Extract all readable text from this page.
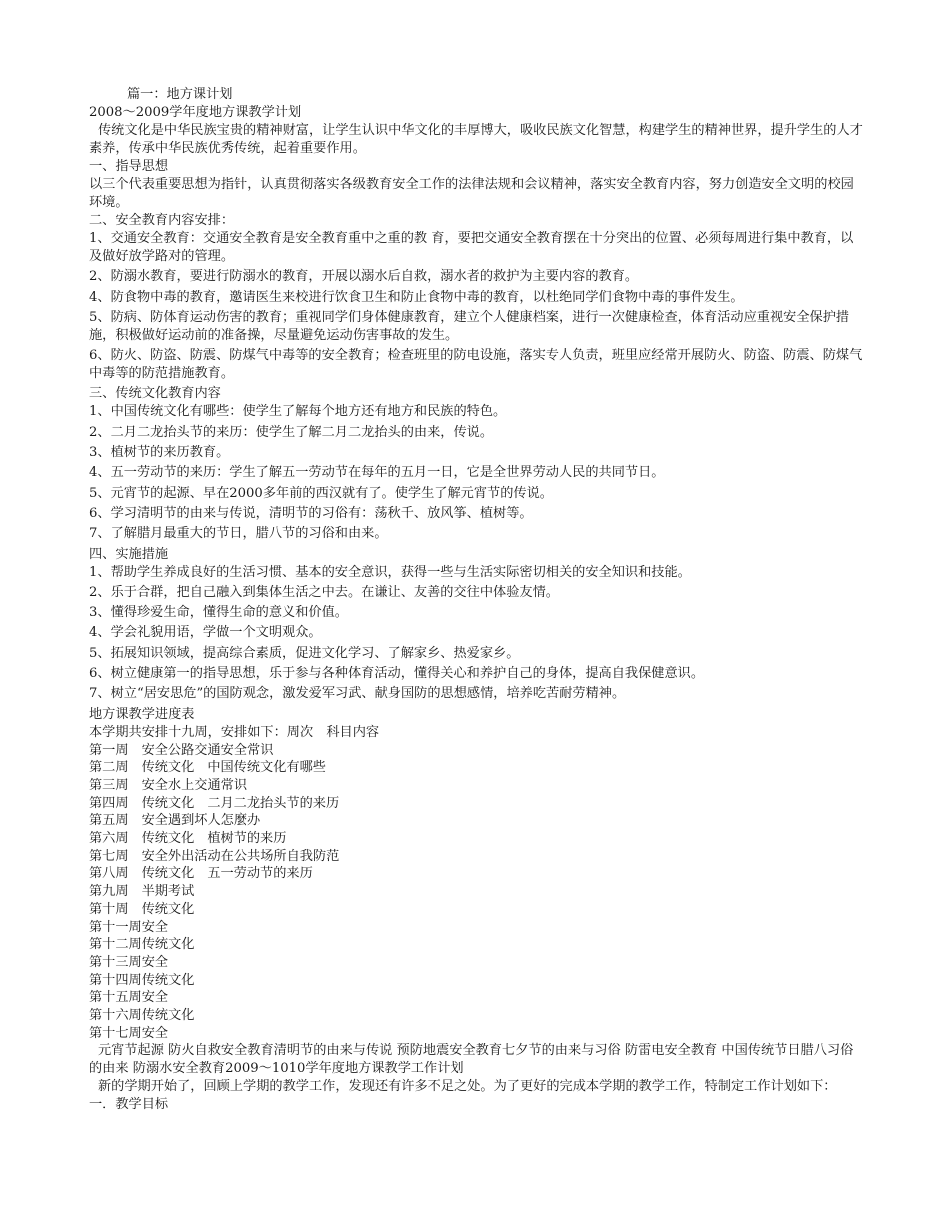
篇一：地方课计划

2008～2009学年度地方课教学计划

传统文化是中华民族宝贵的精神财富，让学生认识中华文化的丰厚博大，吸收民族文化智慧，构建学生的精神世界，提升学生的人才素养，传承中华民族优秀传统，起着重要作用。

一、指导思想

以三个代表重要思想为指针，认真贯彻落实各级教育安全工作的法律法规和会议精神，落实安全教育内容，努力创造安全文明的校园环境。

二、安全教育内容安排：

1、交通安全教育：交通安全教育是安全教育重中之重的教 育，要把交通安全教育摆在十分突出的位置、必须每周进行集中教育，以及做好放学路对的管理。

2、防溺水教育，要进行防溺水的教育，开展以溺水后自救，溺水者的救护为主要内容的教育。

4、防食物中毒的教育，邀请医生来校进行饮食卫生和防止食物中毒的教育，以杜绝同学们食物中毒的事件发生。

5、防病、防体育运动伤害的教育；重视同学们身体健康教育，建立个人健康档案，进行一次健康检查，体育活动应重视安全保护措施，积极做好运动前的准备操，尽量避免运动伤害事故的发生。

6、防火、防盗、防震、防煤气中毒等的安全教育；检查班里的防电设施，落实专人负责，班里应经常开展防火、防盗、防震、防煤气中毒等的防范措施教育。

三、传统文化教育内容

1、中国传统文化有哪些：使学生了解每个地方还有地方和民族的特色。

2、二月二龙抬头节的来历：使学生了解二月二龙抬头的由来，传说。

3、植树节的来历教育。

4、五一劳动节的来历：学生了解五一劳动节在每年的五月一日，它是全世界劳动人民的共同节日。

5、元宵节的起源、早在2000多年前的西汉就有了。使学生了解元宵节的传说。

6、学习清明节的由来与传说，清明节的习俗有：荡秋千、放风筝、植树等。

7、了解腊月最重大的节日，腊八节的习俗和由来。

四、实施措施

1、帮助学生养成良好的生活习惯、基本的安全意识，获得一些与生活实际密切相关的安全知识和技能。

2、乐于合群，把自己融入到集体生活之中去。在谦让、友善的交往中体验友情。

3、懂得珍爱生命，懂得生命的意义和价值。

4、学会礼貌用语，学做一个文明观众。

5、拓展知识领域，提高综合素质，促进文化学习、了解家乡、热爱家乡。

6、树立健康第一的指导思想，乐于参与各种体育活动，懂得关心和养护自己的身体，提高自我保健意识。

7、树立“居安思危”的国防观念，激发爱军习武、献身国防的思想感情，培养吃苦耐劳精神。

地方课教学进度表

本学期共安排十九周，安排如下：周次　科目内容

第一周 安全公路交通安全常识
第二周 传统文化 中国传统文化有哪些
第三周 安全水上交通常识
第四周 传统文化 二月二龙抬头节的来历
第五周 安全遇到坏人怎麼办
第六周 传统文化 植树节的来历
第七周 安全外出活动在公共场所自我防范
第八周 传统文化 五一劳动节的来历
第九周 半期考试
第十周 传统文化
第十一周安全
第十二周传统文化
第十三周安全
第十四周传统文化
第十五周安全
第十六周传统文化
第十七周安全

元宵节起源 防火自救安全教育清明节的由来与传说 预防地震安全教育七夕节的由来与习俗 防雷电安全教育 中国传统节日腊八习俗的由来 防溺水安全教育2009～1010学年度地方课教学工作计划

新的学期开始了，回顾上学期的教学工作，发现还有许多不足之处。为了更好的完成本学期的教学工作，特制定工作计划如下：

一．教学目标
